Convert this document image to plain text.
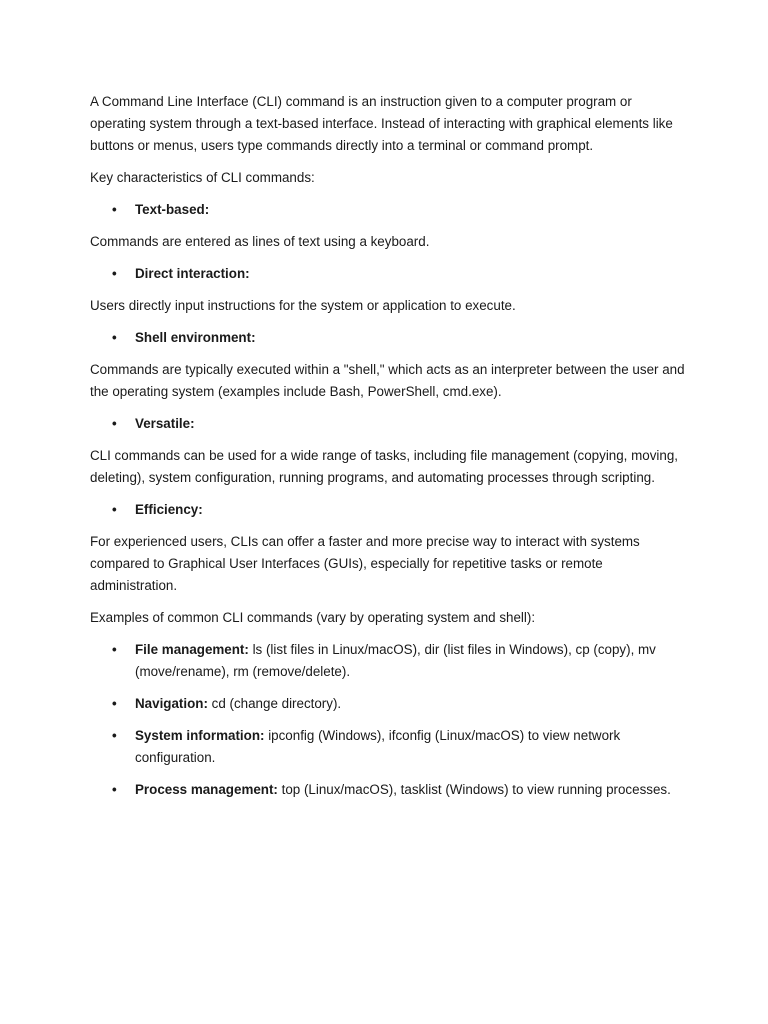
A Command Line Interface (CLI) command is an instruction given to a computer program or operating system through a text-based interface. Instead of interacting with graphical elements like buttons or menus, users type commands directly into a terminal or command prompt.

Key characteristics of CLI commands:

• Text-based:

Commands are entered as lines of text using a keyboard.

• Direct interaction:

Users directly input instructions for the system or application to execute.

• Shell environment:

Commands are typically executed within a "shell," which acts as an interpreter between the user and the operating system (examples include Bash, PowerShell, cmd.exe).

• Versatile:

CLI commands can be used for a wide range of tasks, including file management (copying, moving, deleting), system configuration, running programs, and automating processes through scripting.

• Efficiency:

For experienced users, CLIs can offer a faster and more precise way to interact with systems compared to Graphical User Interfaces (GUIs), especially for repetitive tasks or remote administration.

Examples of common CLI commands (vary by operating system and shell):

• File management: ls (list files in Linux/macOS), dir (list files in Windows), cp (copy), mv (move/rename), rm (remove/delete).
• Navigation: cd (change directory).
• System information: ipconfig (Windows), ifconfig (Linux/macOS) to view network configuration.
• Process management: top (Linux/macOS), tasklist (Windows) to view running processes.
